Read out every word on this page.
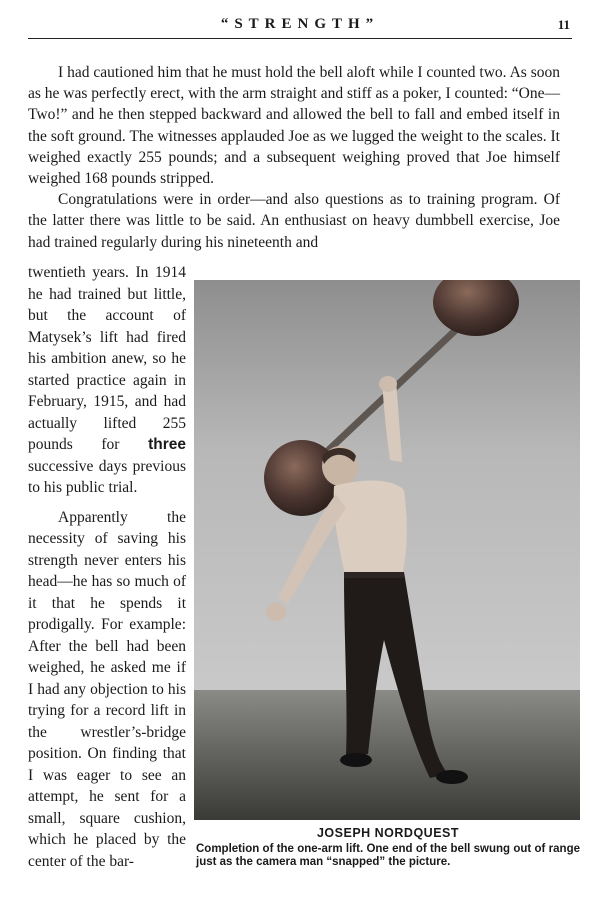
“STRENGTH”	11

I had cautioned him that he must hold the bell aloft while I counted two. As soon as he was perfectly erect, with the arm straight and stiff as a poker, I counted: “One—Two!” and he then stepped backward and allowed the bell to fall and embed itself in the soft ground. The witnesses applauded Joe as we lugged the weight to the scales. It weighed exactly 255 pounds; and a subsequent weighing proved that Joe himself weighed 168 pounds stripped.

Congratulations were in order—and also questions as to training program. Of the latter there was little to be said. An enthusiast on heavy dumbbell exercise, Joe had trained regularly during his nineteenth and

twentieth years. In 1914 he had trained but little, but the account of Matysek’s lift had fired his ambition anew, so he started practice again in February, 1915, and had actually lifted 255 pounds for three successive days previous to his public trial.

Apparently the necessity of saving his strength never enters his head—he has so much of it that he spends it prodigally. For example: After the bell had been weighed, he asked me if I had any objection to his trying for a record lift in the wrestler’s-bridge position. On finding that I was eager to see an attempt, he sent for a small, square cushion, which he placed by the center of the bar-

JOSEPH NORDQUEST
Completion of the one-arm lift. One end of the bell swung out of range just as the camera man “snapped” the picture.
